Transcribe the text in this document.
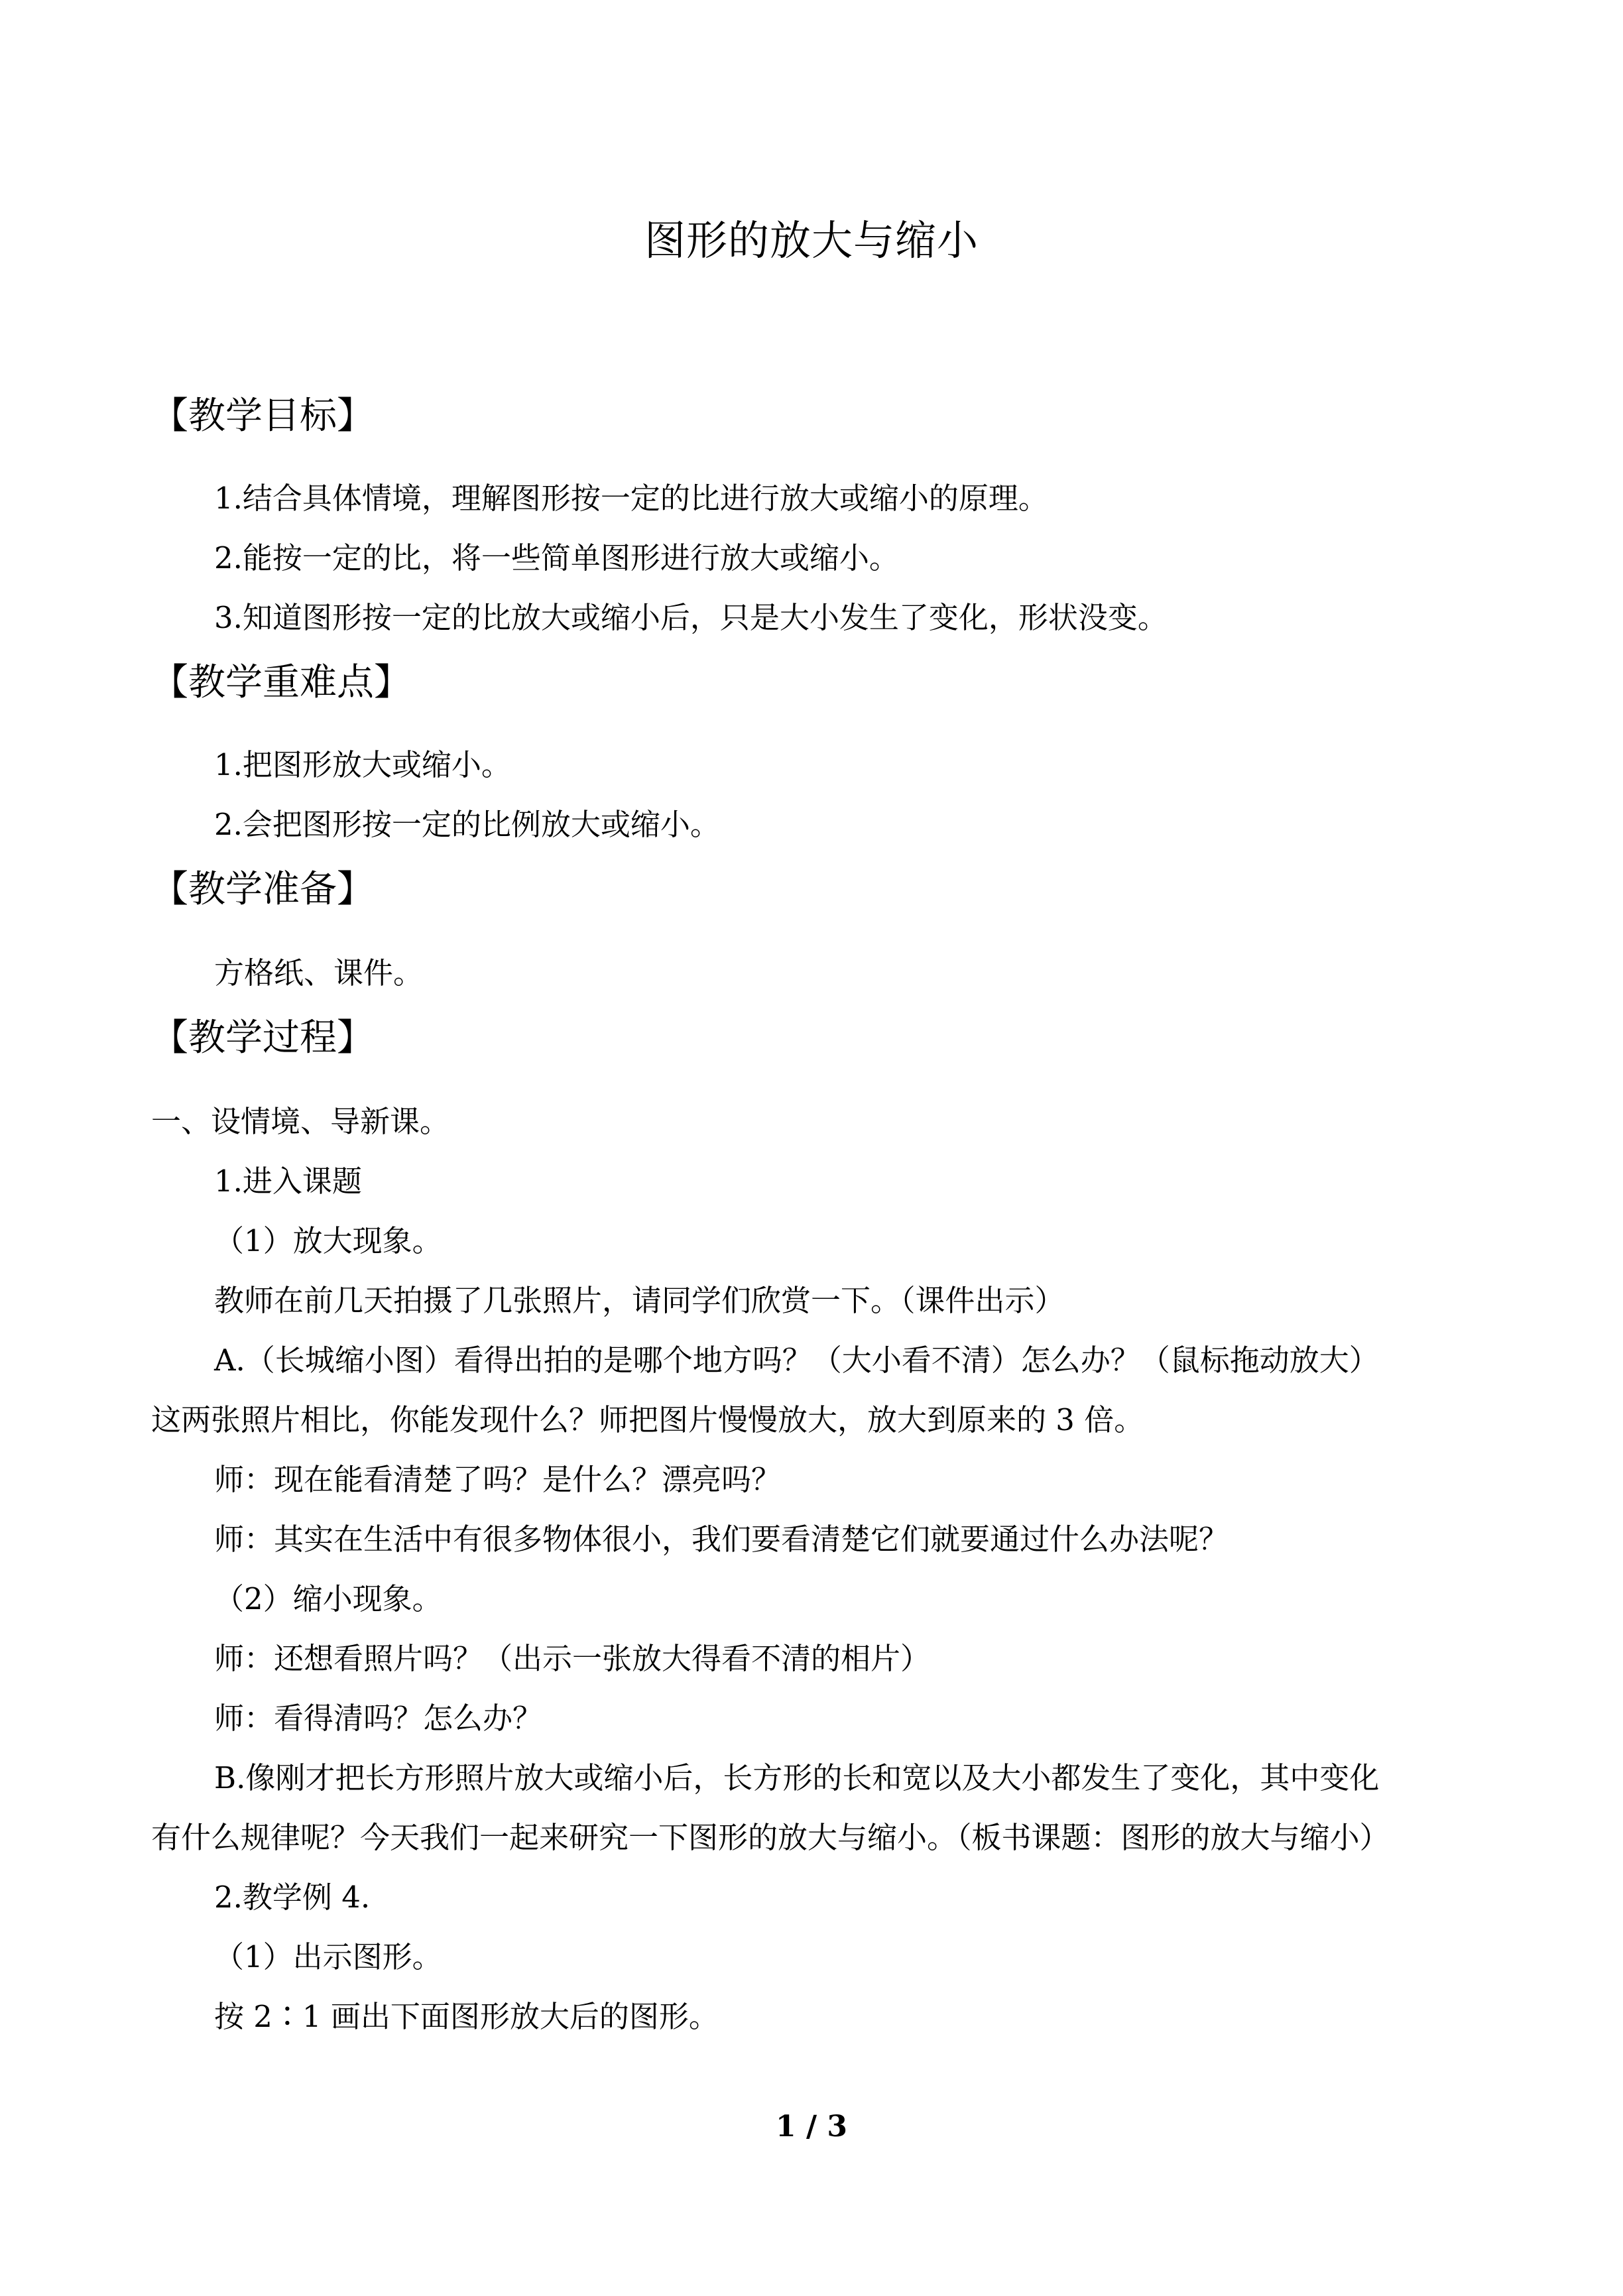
图形的放大与缩小
【教学目标】
1.结合具体情境，理解图形按一定的比进行放大或缩小的原理。
2.能按一定的比，将一些简单图形进行放大或缩小。
3.知道图形按一定的比放大或缩小后，只是大小发生了变化，形状没变。
【教学重难点】
1.把图形放大或缩小。
2.会把图形按一定的比例放大或缩小。
【教学准备】
方格纸、课件。
【教学过程】
一、设情境、导新课。
1.进入课题
（1）放大现象。
教师在前几天拍摄了几张照片，请同学们欣赏一下。（课件出示）
A.（长城缩小图）看得出拍的是哪个地方吗？（大小看不清）怎么办？（鼠标拖动放大）
这两张照片相比，你能发现什么？师把图片慢慢放大，放大到原来的 3 倍。
师：现在能看清楚了吗？是什么？漂亮吗？
师：其实在生活中有很多物体很小，我们要看清楚它们就要通过什么办法呢？
（2）缩小现象。
师：还想看照片吗？（出示一张放大得看不清的相片）
师：看得清吗？怎么办？
B.像刚才把长方形照片放大或缩小后，长方形的长和宽以及大小都发生了变化，其中变化
有什么规律呢？今天我们一起来研究一下图形的放大与缩小。（板书课题：图形的放大与缩小）
2.教学例 4.
（1）出示图形。
按 2∶1 画出下面图形放大后的图形。
1 / 3
